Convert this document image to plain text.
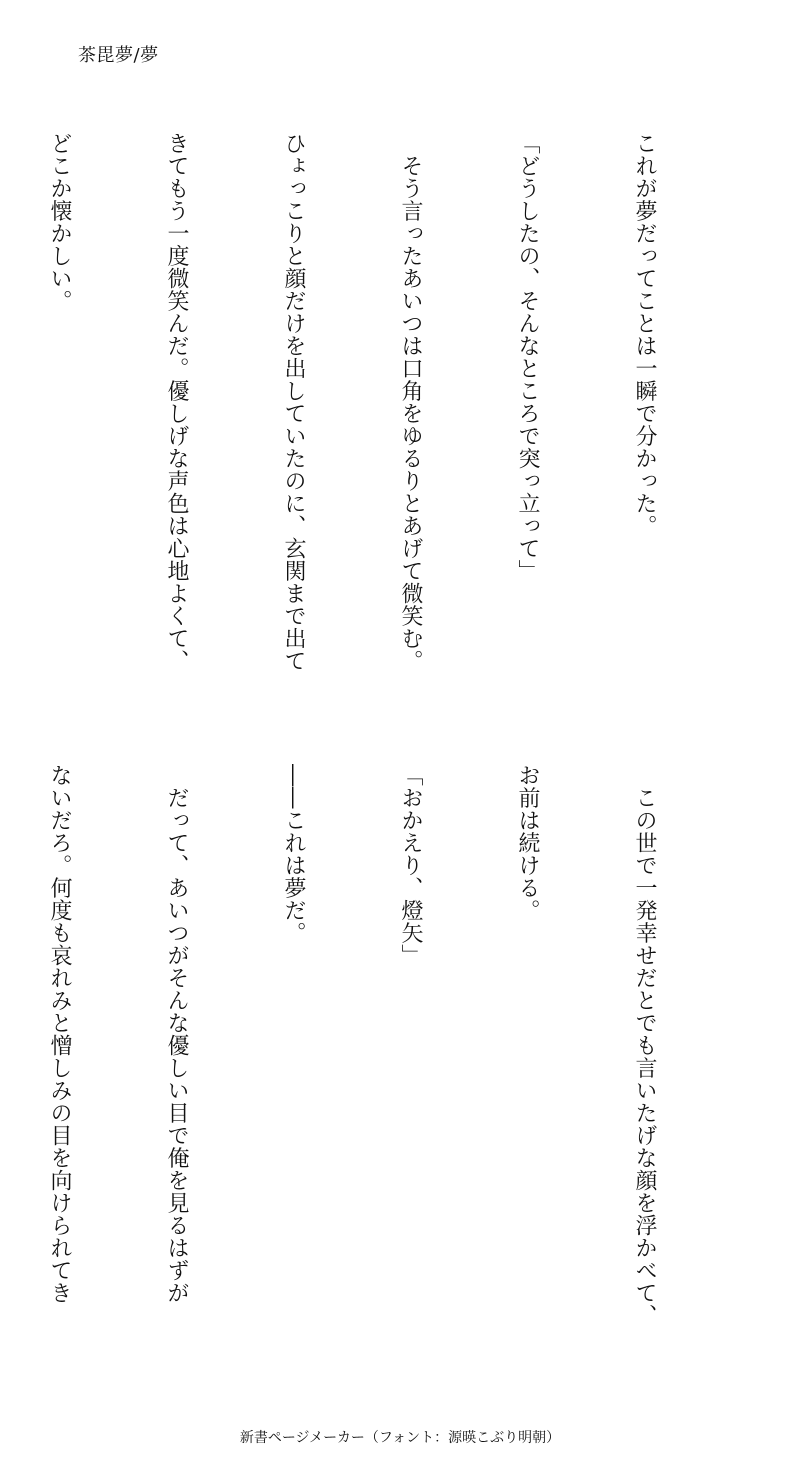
茶毘夢/夢

これが夢だってことは一瞬で分かった。

「どうしたの、そんなところで突っ立って」

　そう言ったあいつは口角をゆるりとあげて微笑む。

ひょっこりと顔だけを出していたのに、玄関まで出て

きてもう一度微笑んだ。優しげな声色は心地よくて、

どこか懐かしい。

　この世で一発幸せだとでも言いたげな顔を浮かべて、

お前は続ける。

「おかえり、燈矢」

――これは夢だ。

　だって、あいつがそんな優しい目で俺を見るはずが

ないだろ。何度も哀れみと憎しみの目を向けられてき

新書ページメーカー（フォント：源暎こぶり明朝）
